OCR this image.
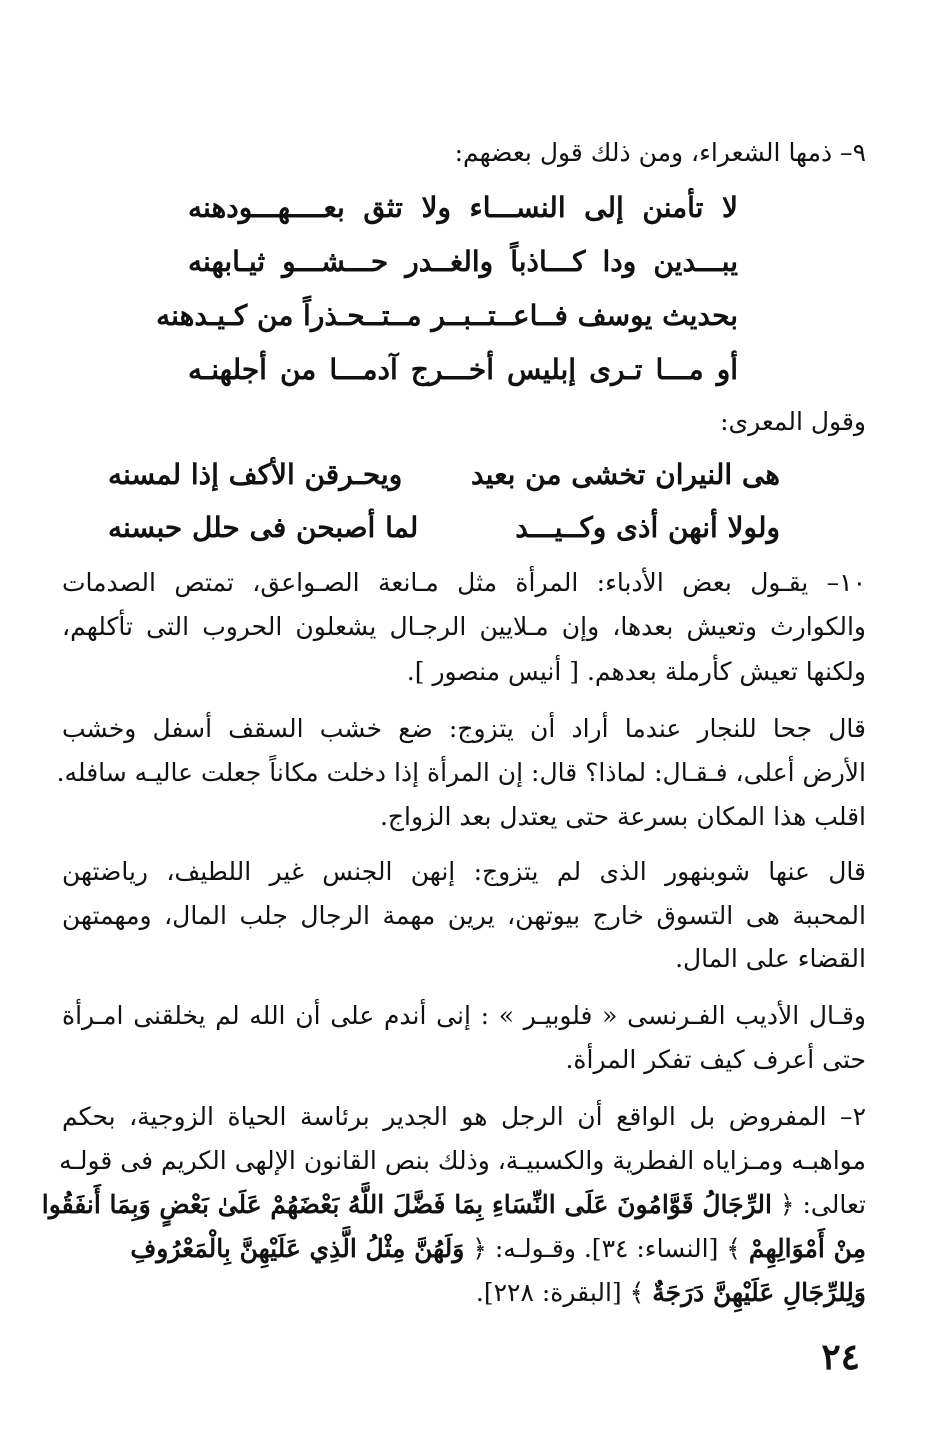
٩– ذمها الشعراء، ومن ذلك قول بعضهم:
لا تأمنن إلى النســـاء ولا تثق بعــــهـــودهنه
يبـــدين ودا كـــاذباً والغــدر حـــشـــو ثيـابهنه
بحديث يوسف فــاعــتــبــر مــتــحـذراً من كـيـدهنه
أو مـــا تـرى إبليس أخـــرج آدمـــا من أجلهنـه
وقول المعرى:
هى النيران تخشى من بعيد
ويحـرقن الأكف إذا لمسنه
ولولا أنهن أذى وكــيـــد
لما أصبحن فى حلل حبسنه
١٠– يقـول بعض الأدباء: المرأة مثل مـانعة الصـواعق، تمتص الصدمات
والكوارث وتعيش بعدها، وإن مـلايين الرجـال يشعلون الحروب التى تأكلهم،
ولكنها تعيش كأرملة بعدهم. [ أنيس منصور ].
قال جحا للنجار عندما أراد أن يتزوج: ضع خشب السقف أسفل وخشب
الأرض أعلى، فـقـال: لماذا؟ قال: إن المرأة إذا دخلت مكاناً جعلت عاليـه سافله.
اقلب هذا المكان بسرعة حتى يعتدل بعد الزواج.
قال عنها شوبنهور الذى لم يتزوج: إنهن الجنس غير اللطيف، رياضتهن
المحببة هى التسوق خارج بيوتهن، يرين مهمة الرجال جلب المال، ومهمتهن
القضاء على المال.
وقـال الأديب الفـرنسى « فلوبيـر » : إنى أندم على أن الله لم يخلقنى امـرأة
حتى أعرف كيف تفكر المرأة.
٢– المفروض بل الواقع أن الرجل هو الجدير برئاسة الحياة الزوجية، بحكم
مواهبـه ومـزاياه الفطرية والكسبيـة، وذلك بنص القانون الإلهى الكريم فى قولـه
تعالى: ﴿ الرِّجَالُ قَوَّامُونَ عَلَى النِّسَاءِ بِمَا فَضَّلَ اللَّهُ بَعْضَهُمْ عَلَىٰ بَعْضٍ وَبِمَا أَنفَقُوا
مِنْ أَمْوَالِهِمْ ﴾ [النساء: ٣٤]. وقـولـه: ﴿ وَلَهُنَّ مِثْلُ الَّذِي عَلَيْهِنَّ بِالْمَعْرُوفِ
وَلِلرِّجَالِ عَلَيْهِنَّ دَرَجَةٌ ﴾ [البقرة: ٢٢٨].
٢٤
